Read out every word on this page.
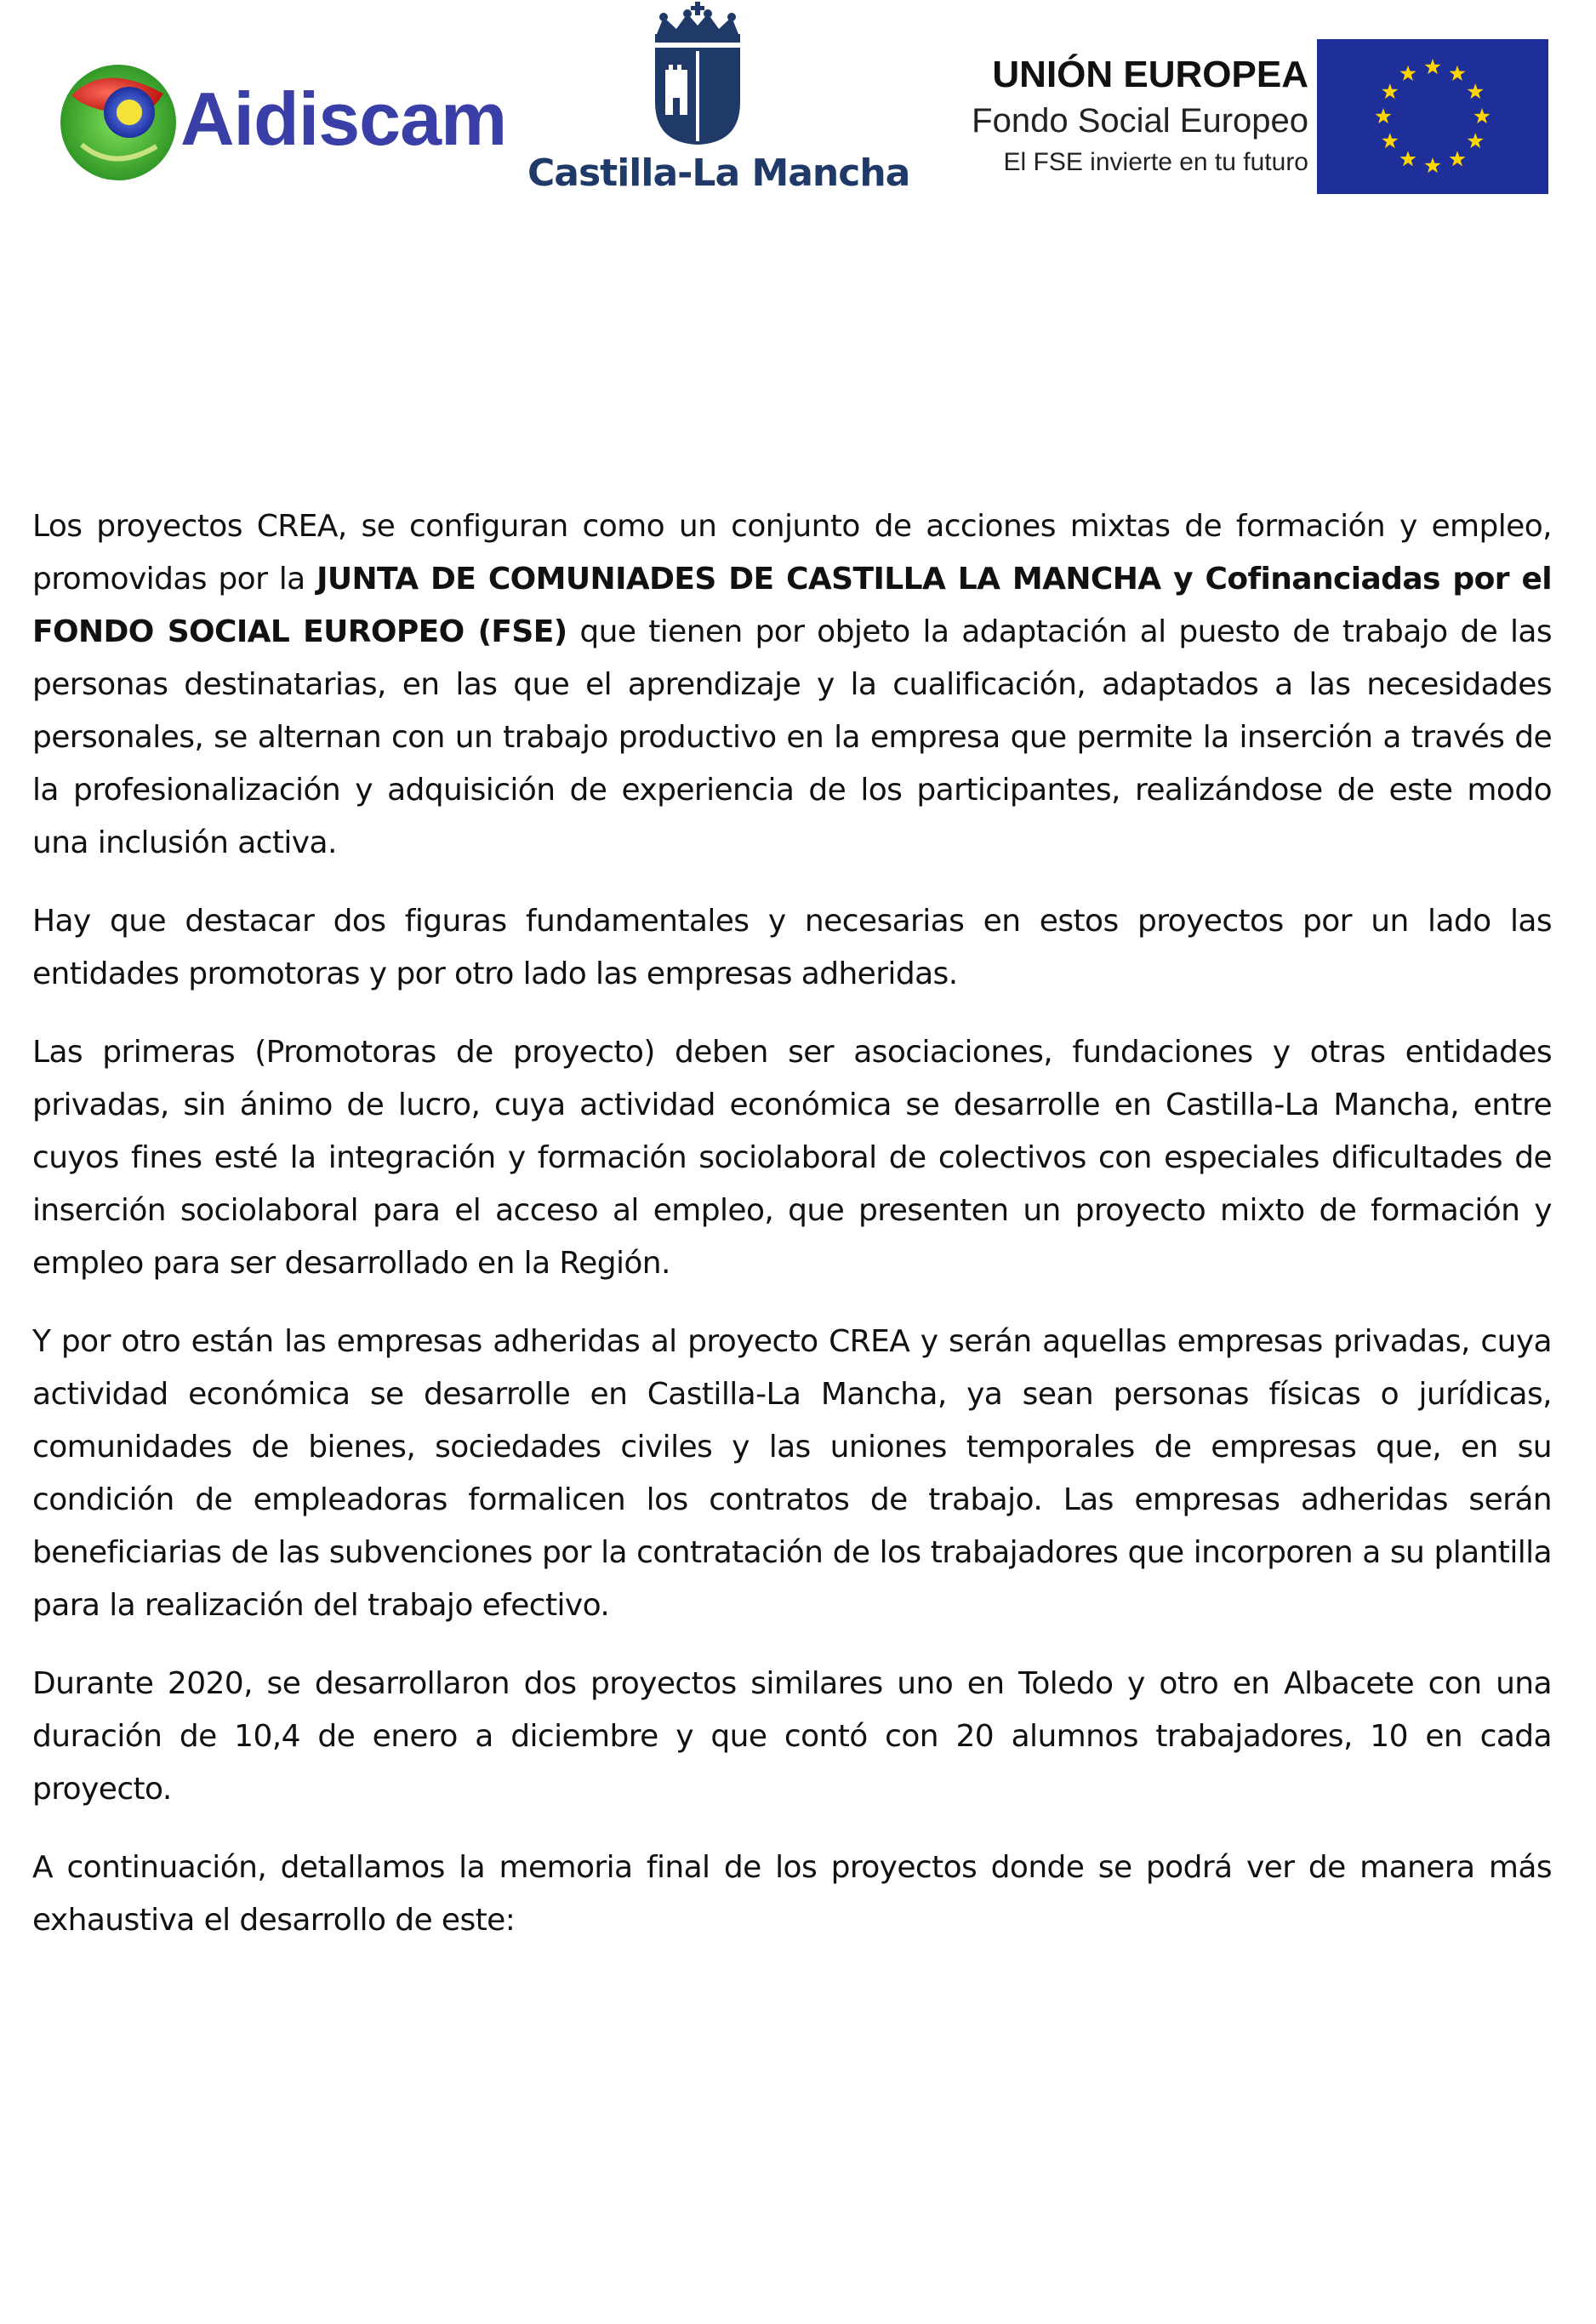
Aidiscam
Castilla-La Mancha
UNIÓN EUROPEA
Fondo Social Europeo
El FSE invierte en tu futuro

Los proyectos CREA, se configuran como un conjunto de acciones mixtas de formación y empleo, promovidas por la JUNTA DE COMUNIADES DE CASTILLA LA MANCHA y Cofinanciadas por el FONDO SOCIAL EUROPEO (FSE) que tienen por objeto la adaptación al puesto de trabajo de las personas destinatarias, en las que el aprendizaje y la cualificación, adaptados a las necesidades personales, se alternan con un trabajo productivo en la empresa que permite la inserción a través de la profesionalización y adquisición de experiencia de los participantes, realizándose de este modo una inclusión activa.

Hay que destacar dos figuras fundamentales y necesarias en estos proyectos por un lado las entidades promotoras y por otro lado las empresas adheridas.

Las primeras (Promotoras de proyecto) deben ser asociaciones, fundaciones y otras entidades privadas, sin ánimo de lucro, cuya actividad económica se desarrolle en Castilla-La Mancha, entre cuyos fines esté la integración y formación sociolaboral de colectivos con especiales dificultades de inserción sociolaboral para el acceso al empleo, que presenten un proyecto mixto de formación y empleo para ser desarrollado en la Región.

Y por otro están las empresas adheridas al proyecto CREA y serán aquellas empresas privadas, cuya actividad económica se desarrolle en Castilla-La Mancha, ya sean personas físicas o jurídicas, comunidades de bienes, sociedades civiles y las uniones temporales de empresas que, en su condición de empleadoras formalicen los contratos de trabajo. Las empresas adheridas serán beneficiarias de las subvenciones por la contratación de los trabajadores que incorporen a su plantilla para la realización del trabajo efectivo.

Durante 2020, se desarrollaron dos proyectos similares uno en Toledo y otro en Albacete con una duración de 10,4 de enero a diciembre y que contó con 20 alumnos trabajadores, 10 en cada proyecto.

A continuación, detallamos la memoria final de los proyectos donde se podrá ver de manera más exhaustiva el desarrollo de este:
